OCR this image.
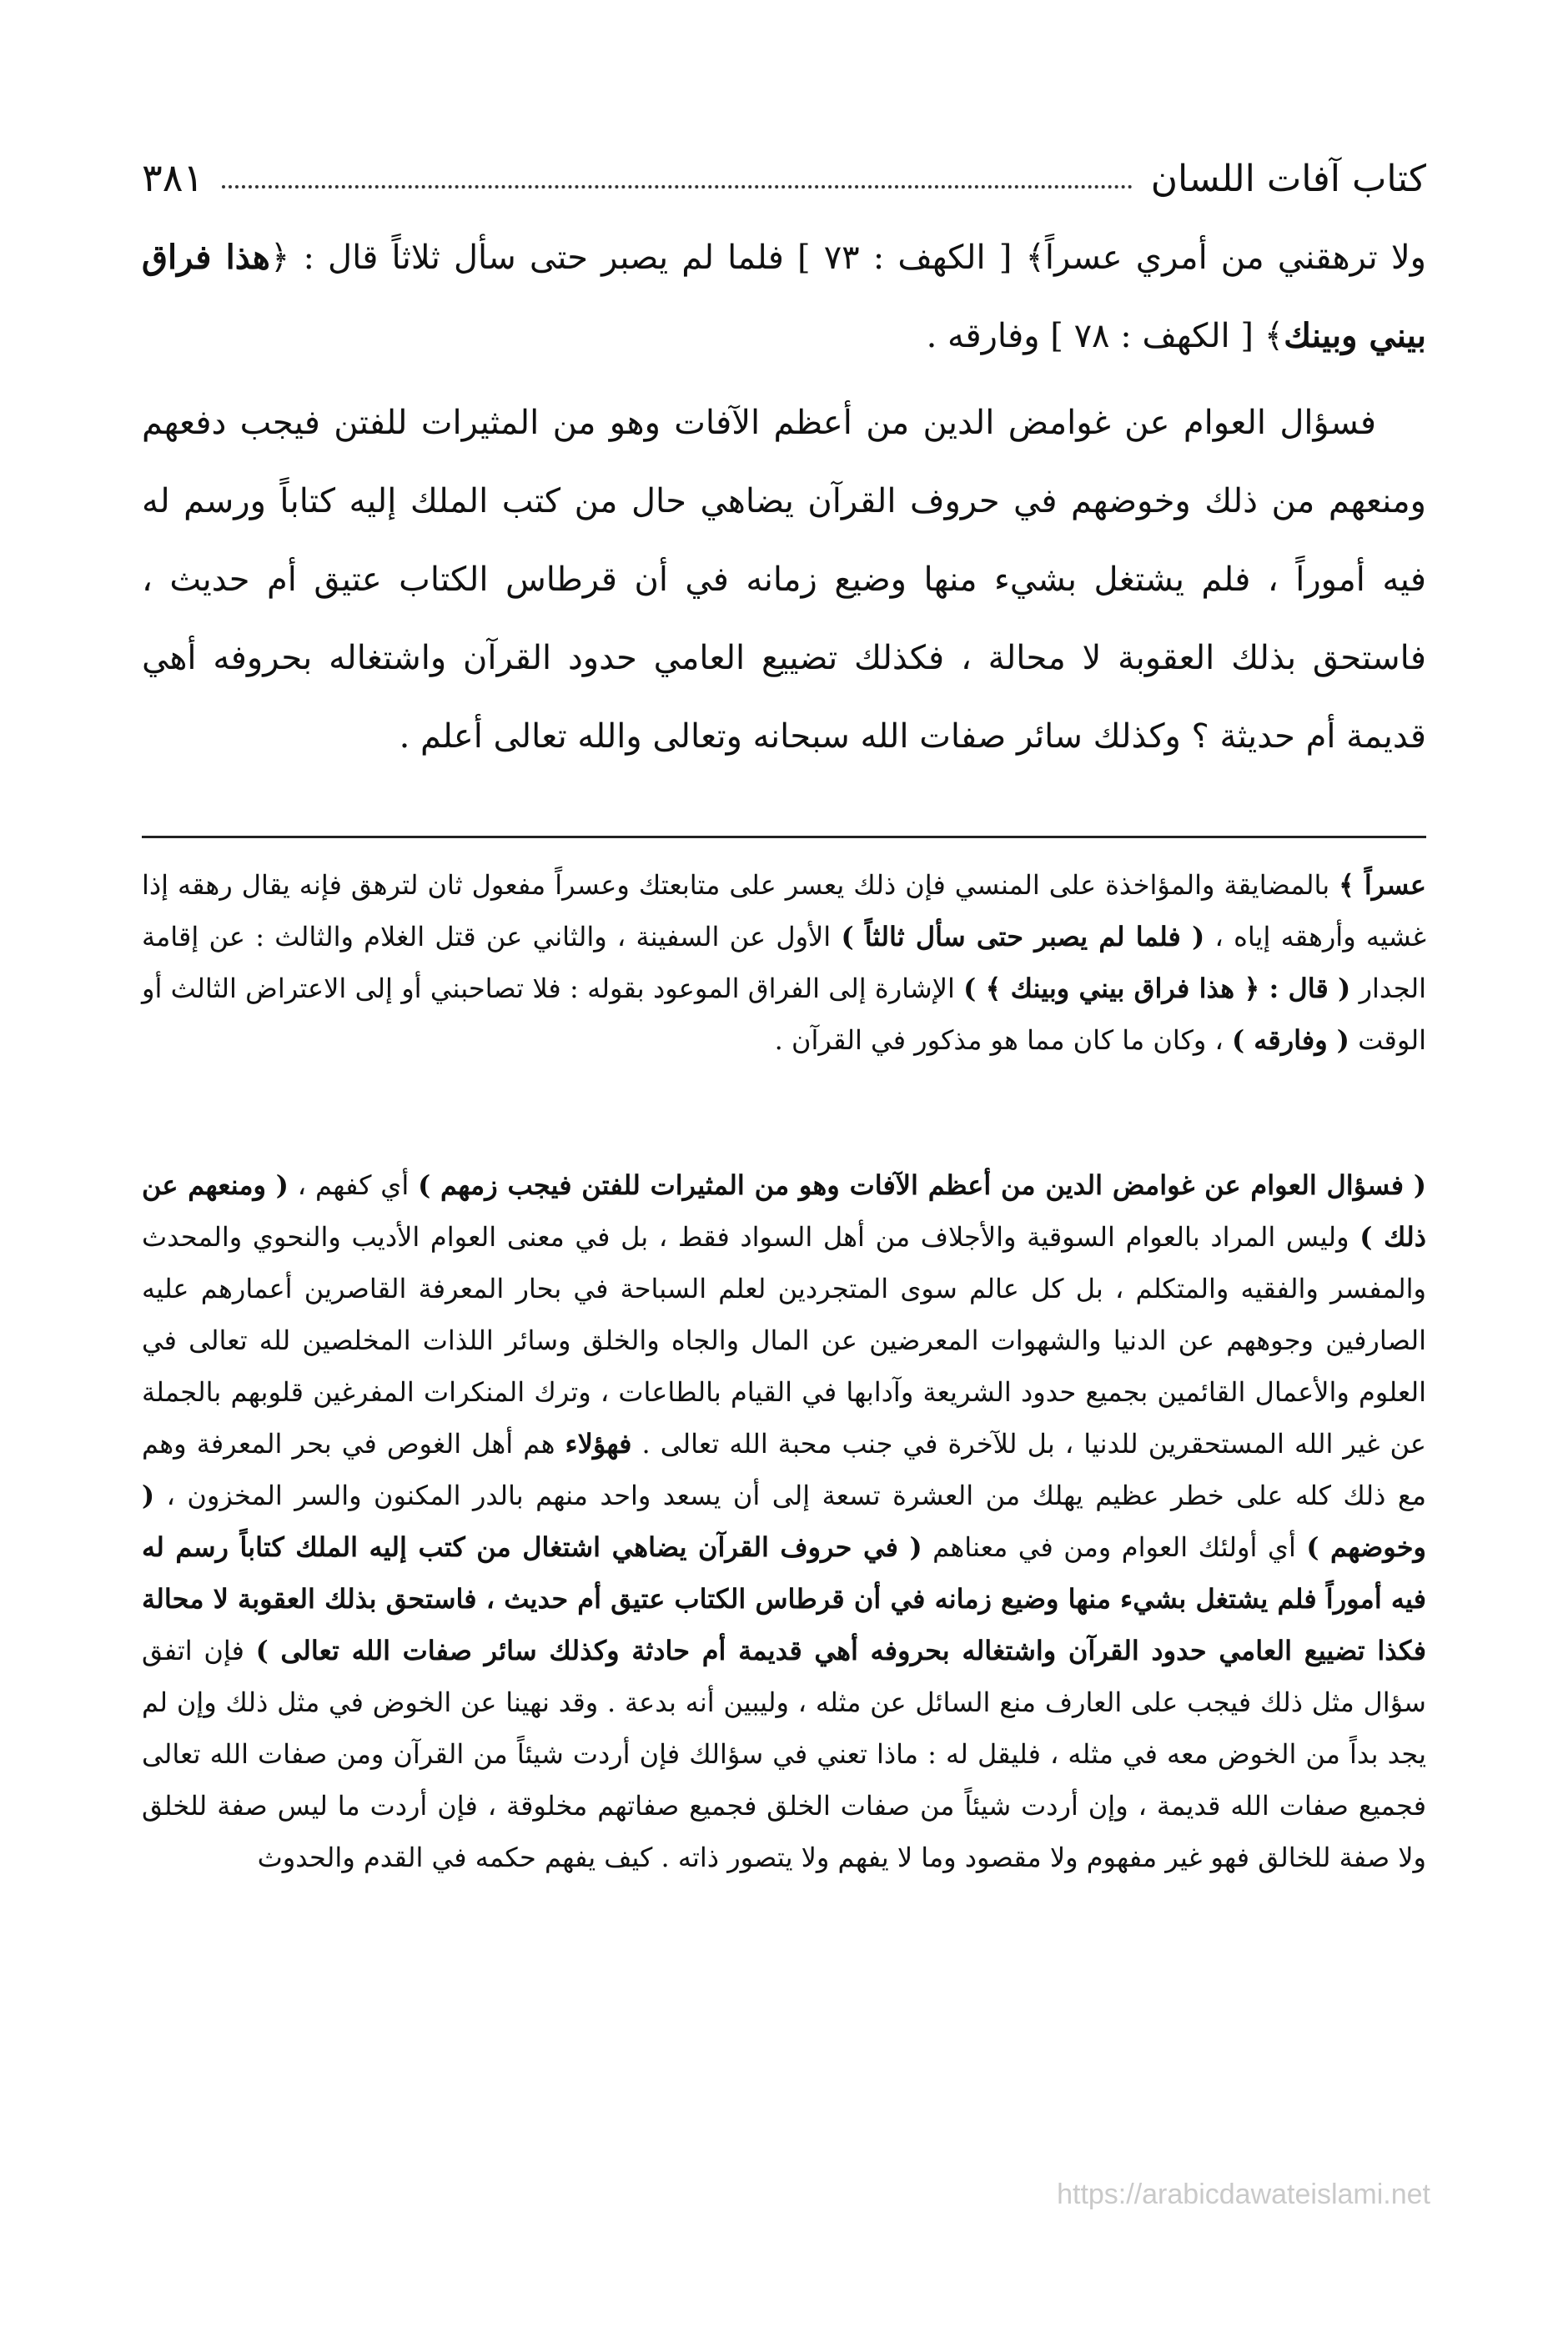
كتاب آفات اللسان
٣٨١

ولا ترهقني من أمري عسراً﴾ [ الكهف : ٧٣ ] فلما لم يصبر حتى سأل ثلاثاً قال : ﴿هذا فراق بيني وبينك﴾ [ الكهف : ٧٨ ] وفارقه .

فسؤال العوام عن غوامض الدين من أعظم الآفات وهو من المثيرات للفتن فيجب دفعهم ومنعهم من ذلك وخوضهم في حروف القرآن يضاهي حال من كتب الملك إليه كتاباً ورسم له فيه أموراً ، فلم يشتغل بشيء منها وضيع زمانه في أن قرطاس الكتاب عتيق أم حديث ، فاستحق بذلك العقوبة لا محالة ، فكذلك تضييع العامي حدود القرآن واشتغاله بحروفه أهي قديمة أم حديثة ؟ وكذلك سائر صفات الله سبحانه وتعالى والله تعالى أعلم .

عسراً ﴾ بالمضايقة والمؤاخذة على المنسي فإن ذلك يعسر على متابعتك وعسراً مفعول ثان لترهق فإنه يقال رهقه إذا غشيه وأرهقه إياه ، ( فلما لم يصبر حتى سأل ثالثاً ) الأول عن السفينة ، والثاني عن قتل الغلام والثالث : عن إقامة الجدار ( قال : ﴿ هذا فراق بيني وبينك ﴾ ) الإشارة إلى الفراق الموعود بقوله : فلا تصاحبني أو إلى الاعتراض الثالث أو الوقت ( وفارقه ) ، وكان ما كان مما هو مذكور في القرآن .

( فسؤال العوام عن غوامض الدين من أعظم الآفات وهو من المثيرات للفتن فيجب زمهم ) أي كفهم ، ( ومنعهم عن ذلك ) وليس المراد بالعوام السوقية والأجلاف من أهل السواد فقط ، بل في معنى العوام الأديب والنحوي والمحدث والمفسر والفقيه والمتكلم ، بل كل عالم سوى المتجردين لعلم السباحة في بحار المعرفة القاصرين أعمارهم عليه الصارفين وجوههم عن الدنيا والشهوات المعرضين عن المال والجاه والخلق وسائر اللذات المخلصين لله تعالى في العلوم والأعمال القائمين بجميع حدود الشريعة وآدابها في القيام بالطاعات ، وترك المنكرات المفرغين قلوبهم بالجملة عن غير الله المستحقرين للدنيا ، بل للآخرة في جنب محبة الله تعالى . فهؤلاء هم أهل الغوص في بحر المعرفة وهم مع ذلك كله على خطر عظيم يهلك من العشرة تسعة إلى أن يسعد واحد منهم بالدر المكنون والسر المخزون ، ( وخوضهم ) أي أولئك العوام ومن في معناهم ( في حروف القرآن يضاهي اشتغال من كتب إليه الملك كتاباً رسم له فيه أموراً فلم يشتغل بشيء منها وضيع زمانه في أن قرطاس الكتاب عتيق أم حديث ، فاستحق بذلك العقوبة لا محالة فكذا تضييع العامي حدود القرآن واشتغاله بحروفه أهي قديمة أم حادثة وكذلك سائر صفات الله تعالى ) فإن اتفق سؤال مثل ذلك فيجب على العارف منع السائل عن مثله ، وليبين أنه بدعة . وقد نهينا عن الخوض في مثل ذلك وإن لم يجد بداً من الخوض معه في مثله ، فليقل له : ماذا تعني في سؤالك فإن أردت شيئاً من القرآن ومن صفات الله تعالى فجميع صفات الله قديمة ، وإن أردت شيئاً من صفات الخلق فجميع صفاتهم مخلوقة ، فإن أردت ما ليس صفة للخلق ولا صفة للخالق فهو غير مفهوم ولا مقصود وما لا يفهم ولا يتصور ذاته . كيف يفهم حكمه في القدم والحدوث

https://arabicdawateislami.net
